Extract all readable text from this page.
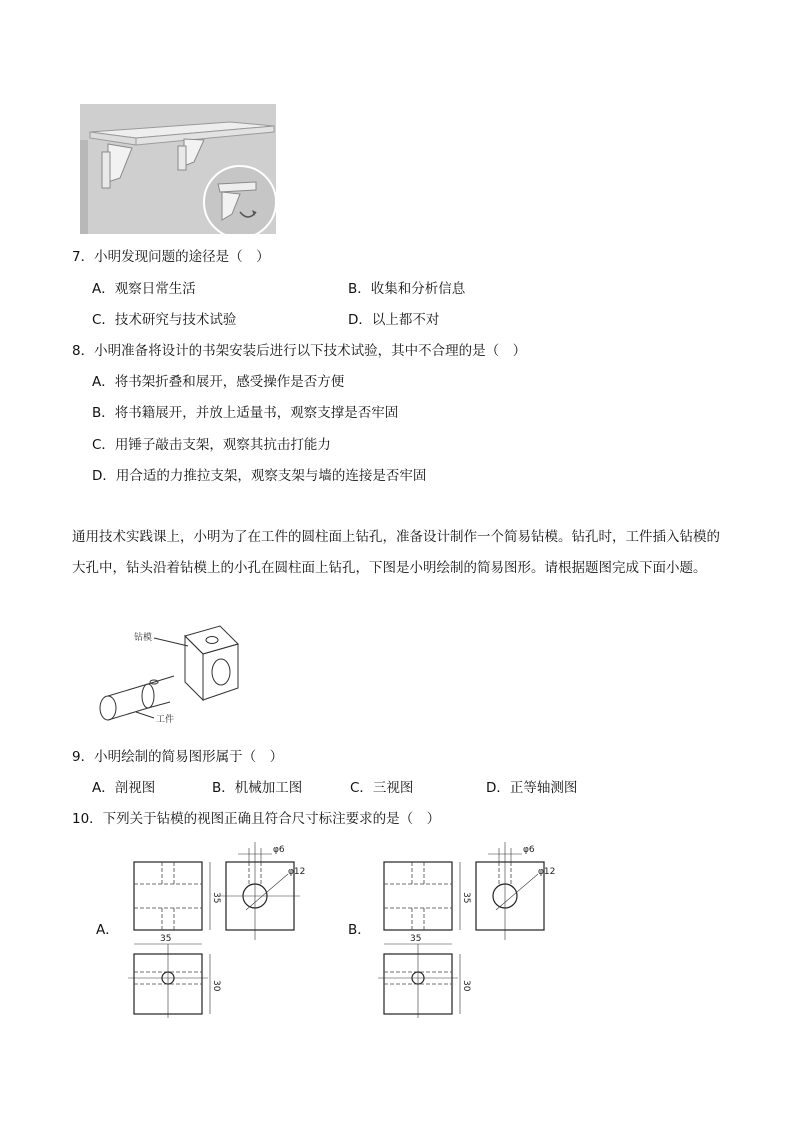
7．小明发现问题的途径是（　）
A．观察日常生活	B．收集和分析信息
C．技术研究与技术试验	D．以上都不对
8．小明准备将设计的书架安装后进行以下技术试验，其中不合理的是（　）
A．将书架折叠和展开，感受操作是否方便
B．将书籍展开，并放上适量书，观察支撑是否牢固
C．用锤子敲击支架，观察其抗击打能力
D．用合适的力推拉支架，观察支架与墙的连接是否牢固
通用技术实践课上，小明为了在工件的圆柱面上钻孔，准备设计制作一个简易钻模。钻孔时，工件插入钻模的大孔中，钻头沿着钻模上的小孔在圆柱面上钻孔，下图是小明绘制的简易图形。请根据题图完成下面小题。
钻模
工件
9．小明绘制的简易图形属于（　）
A．剖视图	B．机械加工图	C．三视图	D．正等轴测图
10．下列关于钻模的视图正确且符合尺寸标注要求的是（　）
A．	B．
35
35
30
φ6
φ12
35
35
30
φ6
φ12
